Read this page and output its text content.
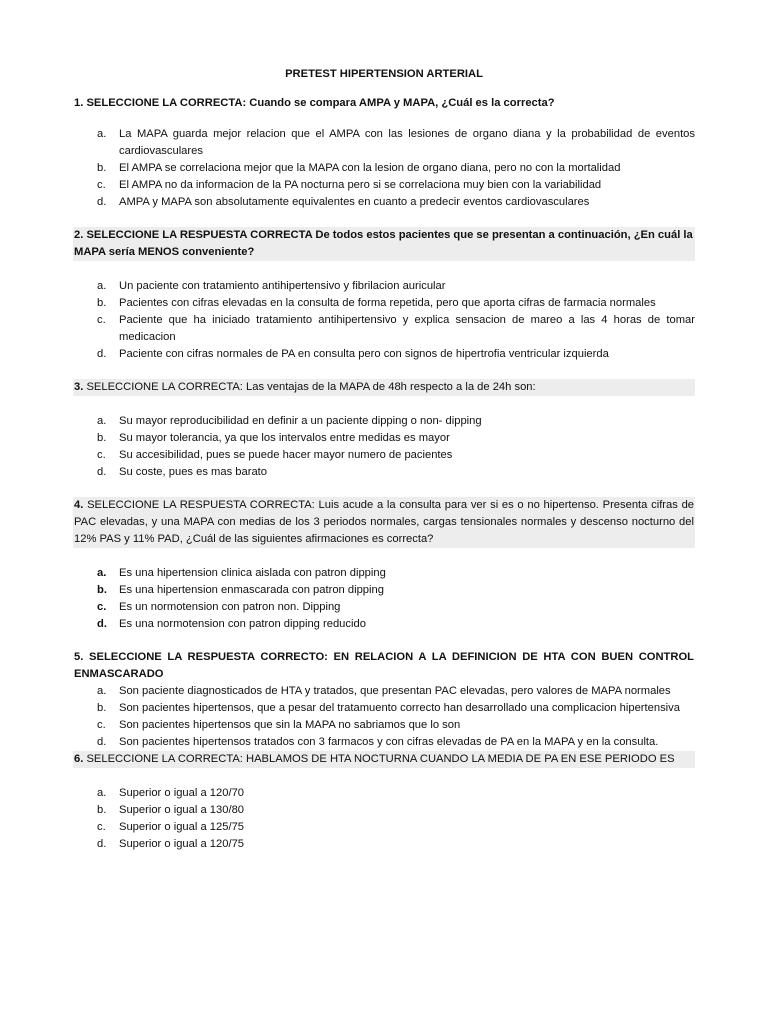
PRETEST HIPERTENSION ARTERIAL

1. SELECCIONE LA CORRECTA: Cuando se compara AMPA y MAPA, ¿Cuál es la correcta?

a. La MAPA guarda mejor relacion que el AMPA con las lesiones de organo diana y la probabilidad de eventos cardiovasculares
b. El AMPA se correlaciona mejor que la MAPA con la lesion de organo diana, pero no con la mortalidad
c. El AMPA no da informacion de la PA nocturna pero si se correlaciona muy bien con la variabilidad
d. AMPA y MAPA son absolutamente equivalentes en cuanto a predecir eventos cardiovasculares

2. SELECCIONE LA RESPUESTA CORRECTA De todos estos pacientes que se presentan a continuación, ¿En cuál la MAPA sería MENOS conveniente?

a. Un paciente con tratamiento antihipertensivo y fibrilacion auricular
b. Pacientes con cifras elevadas en la consulta de forma repetida, pero que aporta cifras de farmacia normales
c. Paciente que ha iniciado tratamiento antihipertensivo y explica sensacion de mareo a las 4 horas de tomar medicacion
d. Paciente con cifras normales de PA en consulta pero con signos de hipertrofia ventricular izquierda

3. SELECCIONE LA CORRECTA: Las ventajas de la MAPA de 48h respecto a la de 24h son:

a. Su mayor reproducibilidad en definir a un paciente dipping o non- dipping
b. Su mayor tolerancia, ya que los intervalos entre medidas es mayor
c. Su accesibilidad, pues se puede hacer mayor numero de pacientes
d. Su coste, pues es mas barato

4. SELECCIONE LA RESPUESTA CORRECTA: Luis acude a la consulta para ver si es o no hipertenso. Presenta cifras de PAC elevadas, y una MAPA con medias de los 3 periodos normales, cargas tensionales normales y descenso nocturno del 12% PAS y 11% PAD, ¿Cuál de las siguientes afirmaciones es correcta?

a. Es una hipertension clinica aislada con patron dipping
b. Es una hipertension enmascarada con patron dipping
c. Es un normotension con patron non. Dipping
d. Es una normotension con patron dipping reducido

5. SELECCIONE LA RESPUESTA CORRECTO: EN RELACION A LA DEFINICION DE HTA CON BUEN CONTROL ENMASCARADO

a. Son paciente diagnosticados de HTA y tratados, que presentan PAC elevadas, pero valores de MAPA normales
b. Son pacientes hipertensos, que a pesar del tratamuento correcto han desarrollado una complicacion hipertensiva
c. Son pacientes hipertensos que sin la MAPA no sabriamos que lo son
d. Son pacientes hipertensos tratados con 3 farmacos y con cifras elevadas de PA en la MAPA y en la consulta.

6. SELECCIONE LA CORRECTA: HABLAMOS DE HTA NOCTURNA CUANDO LA MEDIA DE PA EN ESE PERIODO ES

a. Superior o igual a 120/70
b. Superior o igual a 130/80
c. Superior o igual a 125/75
d. Superior o igual a 120/75
